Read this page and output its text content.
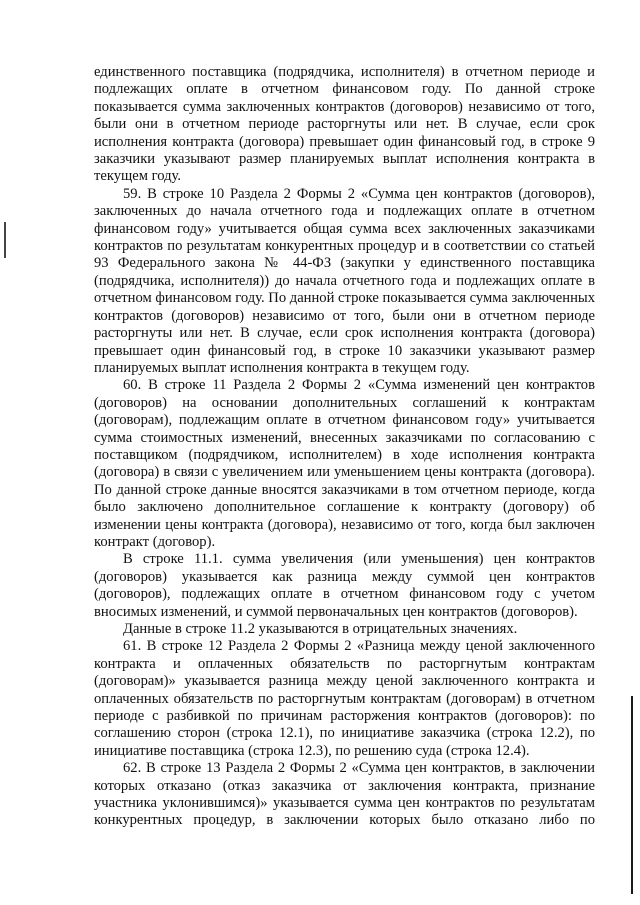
единственного поставщика (подрядчика, исполнителя) в отчетном периоде и подлежащих оплате в отчетном финансовом году. По данной строке показывается сумма заключенных контрактов (договоров) независимо от того, были они в отчетном периоде расторгнуты или нет. В случае, если срок исполнения контракта (договора) превышает один финансовый год, в строке 9 заказчики указывают размер планируемых выплат исполнения контракта в текущем году.

59. В строке 10 Раздела 2 Формы 2 «Сумма цен контрактов (договоров), заключенных до начала отчетного года и подлежащих оплате в отчетном финансовом году» учитывается общая сумма всех заключенных заказчиками контрактов по результатам конкурентных процедур и в соответствии со статьей 93 Федерального закона № 44-ФЗ (закупки у единственного поставщика (подрядчика, исполнителя)) до начала отчетного года и подлежащих оплате в отчетном финансовом году. По данной строке показывается сумма заключенных контрактов (договоров) независимо от того, были они в отчетном периоде расторгнуты или нет. В случае, если срок исполнения контракта (договора) превышает один финансовый год, в строке 10 заказчики указывают размер планируемых выплат исполнения контракта в текущем году.

60. В строке 11 Раздела 2 Формы 2 «Сумма изменений цен контрактов (договоров) на основании дополнительных соглашений к контрактам (договорам), подлежащим оплате в отчетном финансовом году» учитывается сумма стоимостных изменений, внесенных заказчиками по согласованию с поставщиком (подрядчиком, исполнителем) в ходе исполнения контракта (договора) в связи с увеличением или уменьшением цены контракта (договора). По данной строке данные вносятся заказчиками в том отчетном периоде, когда было заключено дополнительное соглашение к контракту (договору) об изменении цены контракта (договора), независимо от того, когда был заключен контракт (договор).

В строке 11.1. сумма увеличения (или уменьшения) цен контрактов (договоров) указывается как разница между суммой цен контрактов (договоров), подлежащих оплате в отчетном финансовом году с учетом вносимых изменений, и суммой первоначальных цен контрактов (договоров).

Данные в строке 11.2 указываются в отрицательных значениях.

61. В строке 12 Раздела 2 Формы 2 «Разница между ценой заключенного контракта и оплаченных обязательств по расторгнутым контрактам (договорам)» указывается разница между ценой заключенного контракта и оплаченных обязательств по расторгнутым контрактам (договорам) в отчетном периоде с разбивкой по причинам расторжения контрактов (договоров): по соглашению сторон (строка 12.1), по инициативе заказчика (строка 12.2), по инициативе поставщика (строка 12.3), по решению суда (строка 12.4).

62. В строке 13 Раздела 2 Формы 2 «Сумма цен контрактов, в заключении которых отказано (отказ заказчика от заключения контракта, признание участника уклонившимся)» указывается сумма цен контрактов по результатам конкурентных процедур, в заключении которых было отказано либо по
